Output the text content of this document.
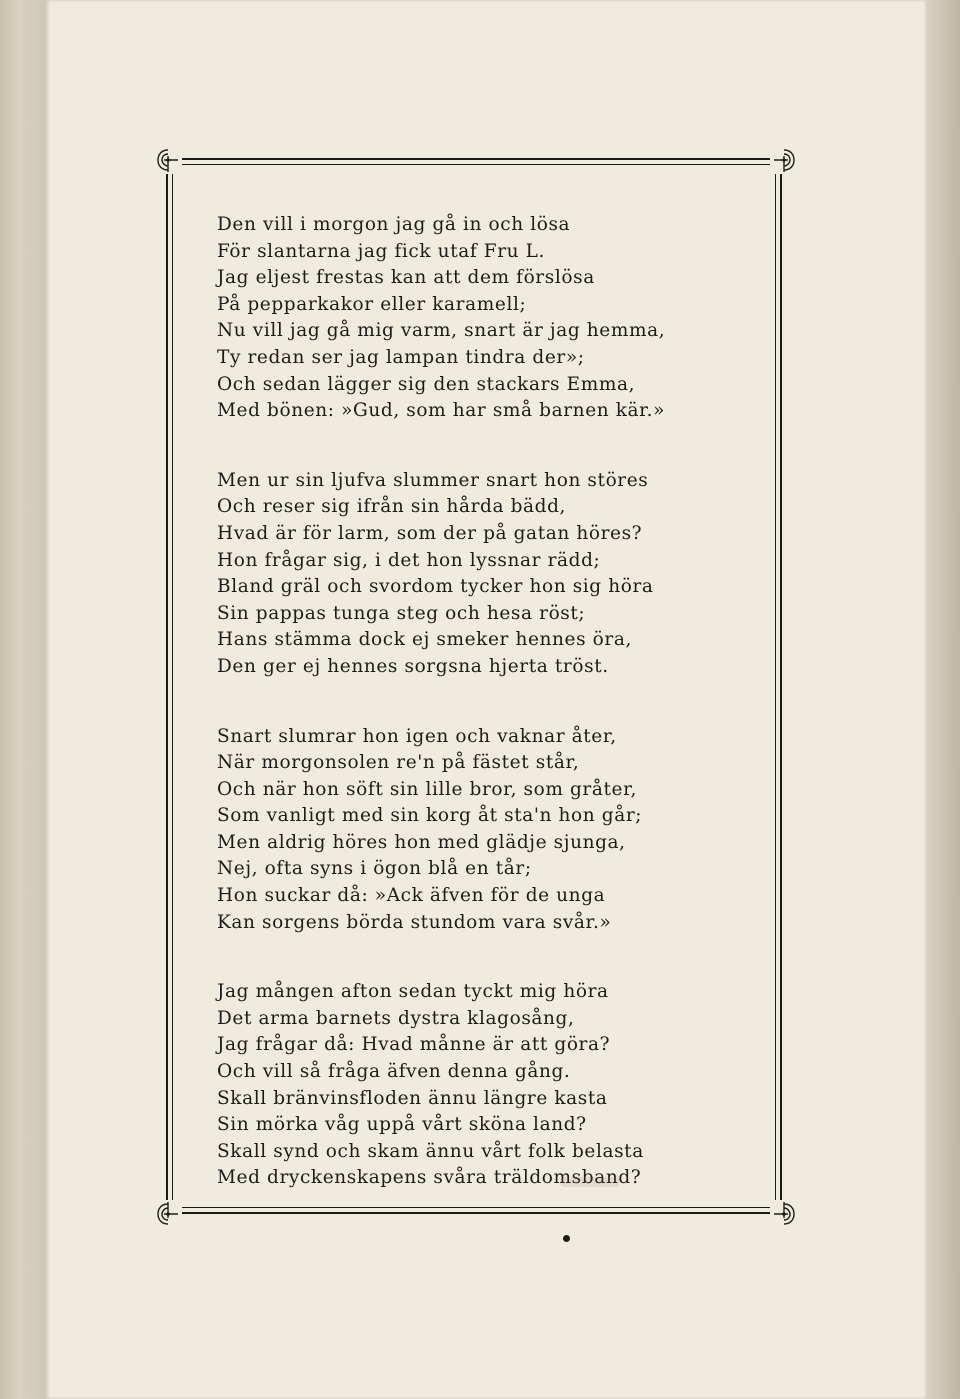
Den vill i morgon jag gå in och lösa
För slantarna jag fick utaf Fru L.
Jag eljest frestas kan att dem förslösa
På pepparkakor eller karamell;
Nu vill jag gå mig varm, snart är jag hemma,
Ty redan ser jag lampan tindra der»;
Och sedan lägger sig den stackars Emma,
Med bönen: »Gud, som har små barnen kär.»
Men ur sin ljufva slummer snart hon störes
Och reser sig ifrån sin hårda bädd,
Hvad är för larm, som der på gatan höres?
Hon frågar sig, i det hon lyssnar rädd;
Bland gräl och svordom tycker hon sig höra
Sin pappas tunga steg och hesa röst;
Hans stämma dock ej smeker hennes öra,
Den ger ej hennes sorgsna hjerta tröst.
Snart slumrar hon igen och vaknar åter,
När morgonsolen re'n på fästet står,
Och när hon söft sin lille bror, som gråter,
Som vanligt med sin korg åt sta'n hon går;
Men aldrig höres hon med glädje sjunga,
Nej, ofta syns i ögon blå en tår;
Hon suckar då: »Ack äfven för de unga
Kan sorgens börda stundom vara svår.»
Jag mången afton sedan tyckt mig höra
Det arma barnets dystra klagosång,
Jag frågar då: Hvad månne är att göra?
Och vill så fråga äfven denna gång.
Skall bränvinsfloden ännu längre kasta
Sin mörka våg uppå vårt sköna land?
Skall synd och skam ännu vårt folk belasta
Med dryckenskapens svåra träldomsband?
